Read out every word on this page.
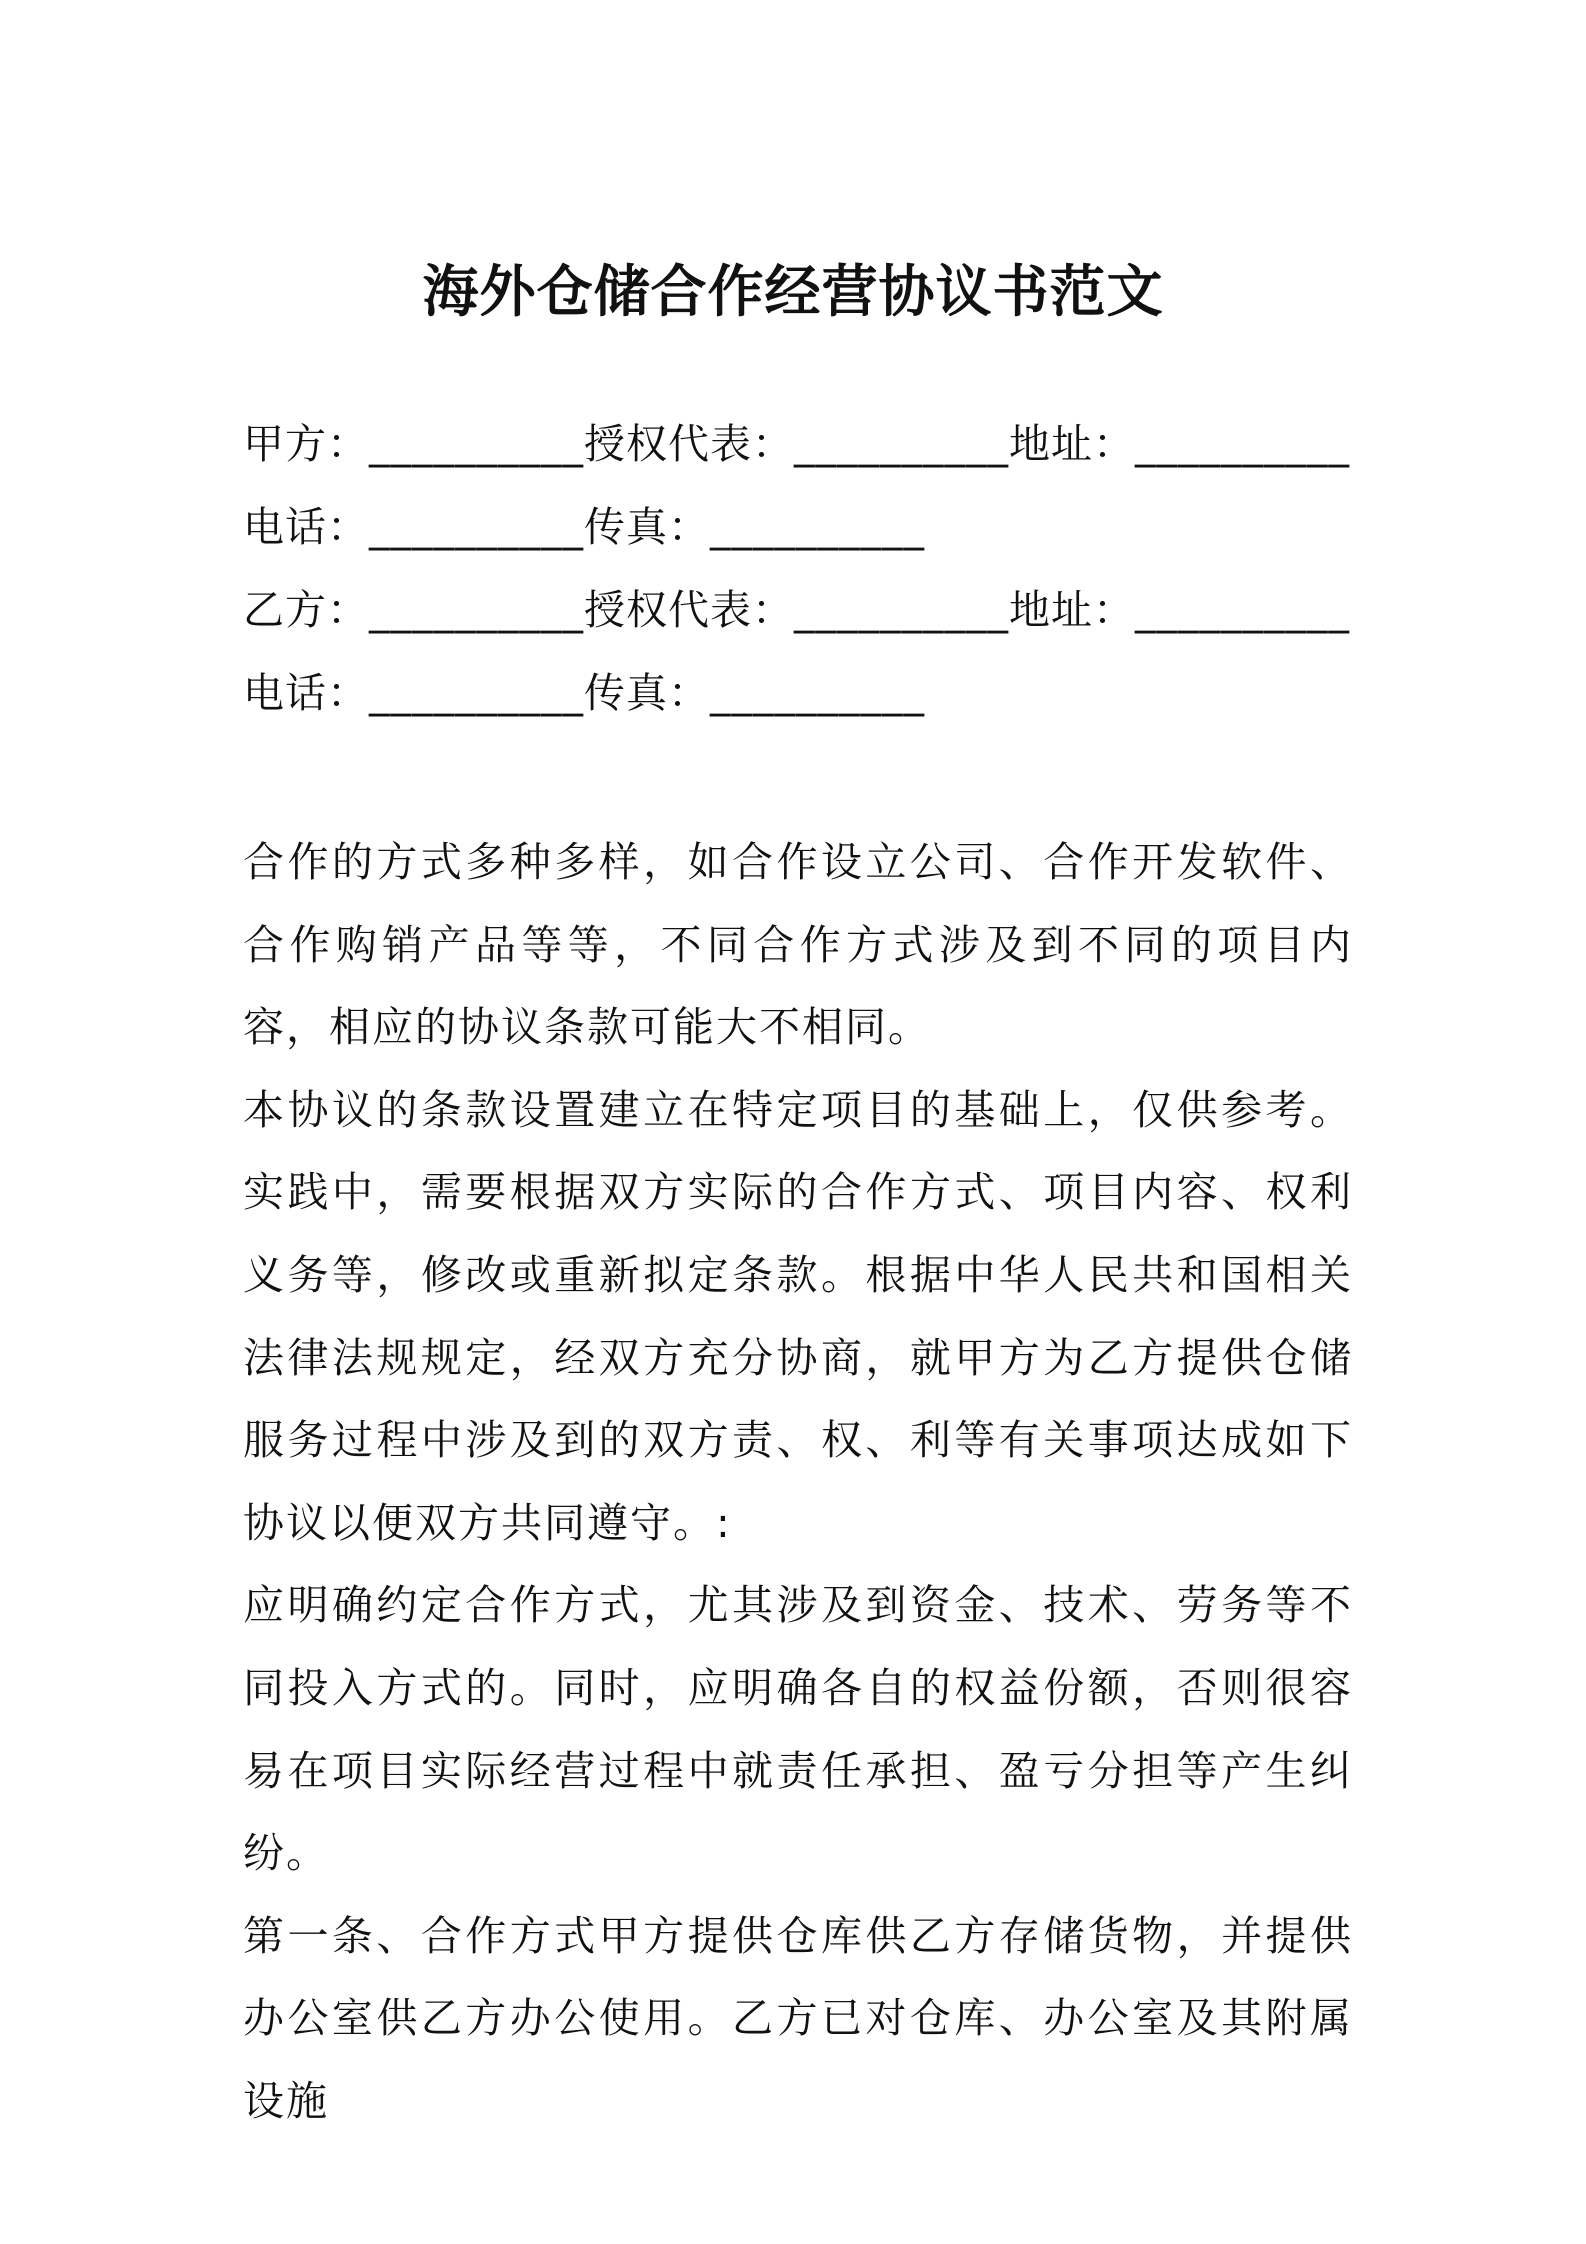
海外仓储合作经营协议书范文
甲方：__________授权代表：__________地址：__________
电话：__________传真：__________
乙方：__________授权代表：__________地址：__________
电话：__________传真：__________

合作的方式多种多样，如合作设立公司、合作开发软件、合作购销产品等等，不同合作方式涉及到不同的项目内容，相应的协议条款可能大不相同。

本协议的条款设置建立在特定项目的基础上，仅供参考。实践中，需要根据双方实际的合作方式、项目内容、权利义务等，修改或重新拟定条款。根据中华人民共和国相关法律法规规定，经双方充分协商，就甲方为乙方提供仓储服务过程中涉及到的双方责、权、利等有关事项达成如下协议以便双方共同遵守。:

应明确约定合作方式，尤其涉及到资金、技术、劳务等不同投入方式的。同时，应明确各自的权益份额，否则很容易在项目实际经营过程中就责任承担、盈亏分担等产生纠纷。

第一条、合作方式甲方提供仓库供乙方存储货物，并提供办公室供乙方办公使用。乙方已对仓库、办公室及其附属设施
